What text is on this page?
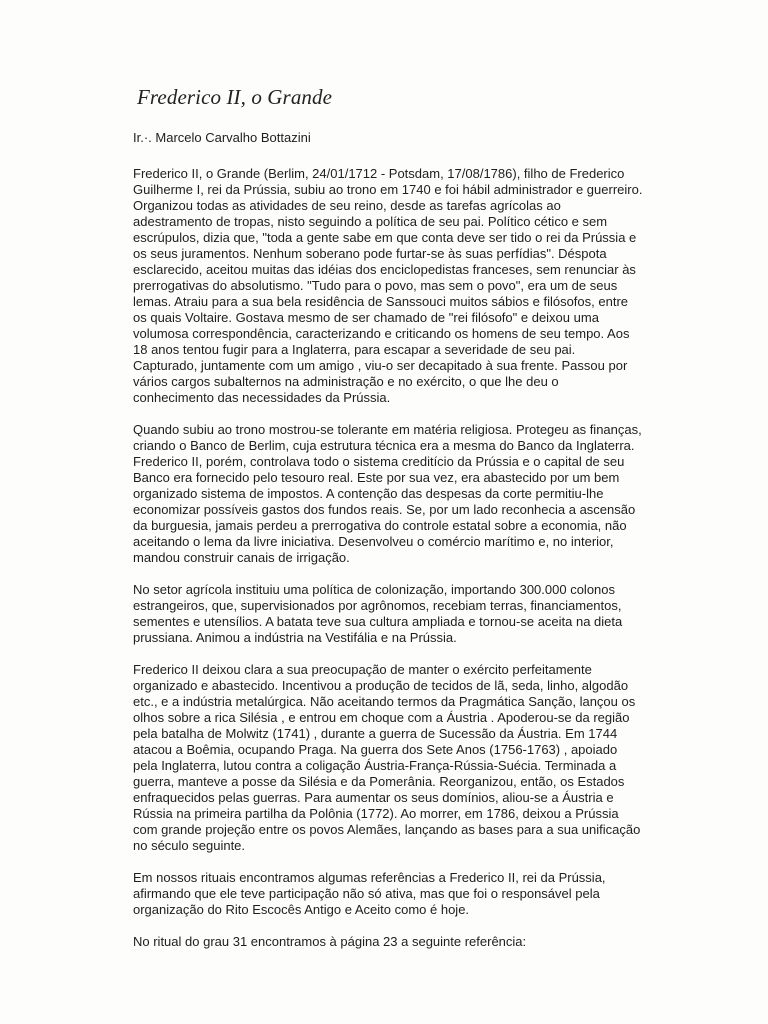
Frederico II, o Grande
Ir.·. Marcelo Carvalho Bottazini

Frederico II, o Grande (Berlim, 24/01/1712 - Potsdam, 17/08/1786), filho de Frederico Guilherme I, rei da Prússia, subiu ao trono em 1740 e foi hábil administrador e guerreiro. Organizou todas as atividades de seu reino, desde as tarefas agrícolas ao adestramento de tropas, nisto seguindo a política de seu pai. Político cético e sem escrúpulos, dizia que, "toda a gente sabe em que conta deve ser tido o rei da Prússia e os seus juramentos. Nenhum soberano pode furtar-se às suas perfídias". Déspota esclarecido, aceitou muitas das idéias dos enciclopedistas franceses, sem renunciar às prerrogativas do absolutismo. "Tudo para o povo, mas sem o povo", era um de seus lemas. Atraiu para a sua bela residência de Sanssouci muitos sábios e filósofos, entre os quais Voltaire. Gostava mesmo de ser chamado de "rei filósofo" e deixou uma volumosa correspondência, caracterizando e criticando os homens de seu tempo. Aos 18 anos tentou fugir para a Inglaterra, para escapar a severidade de seu pai. Capturado, juntamente com um amigo , viu-o ser decapitado à sua frente. Passou por vários cargos subalternos na administração e no exército, o que lhe deu o conhecimento das necessidades da Prússia.

Quando subiu ao trono mostrou-se tolerante em matéria religiosa. Protegeu as finanças, criando o Banco de Berlim, cuja estrutura técnica era a mesma do Banco da Inglaterra. Frederico II, porém, controlava todo o sistema creditício da Prússia e o capital de seu Banco era fornecido pelo tesouro real. Este por sua vez, era abastecido por um bem organizado sistema de impostos. A contenção das despesas da corte permitiu-lhe economizar possíveis gastos dos fundos reais. Se, por um lado reconhecia a ascensão da burguesia, jamais perdeu a prerrogativa do controle estatal sobre a economia, não aceitando o lema da livre iniciativa. Desenvolveu o comércio marítimo e, no interior, mandou construir canais de irrigação.

No setor agrícola instituiu uma política de colonização, importando 300.000 colonos estrangeiros, que, supervisionados por agrônomos, recebiam terras, financiamentos, sementes e utensílios. A batata teve sua cultura ampliada e tornou-se aceita na dieta prussiana. Animou a indústria na Vestifália e na Prússia.

Frederico II deixou clara a sua preocupação de manter o exército perfeitamente organizado e abastecido. Incentivou a produção de tecidos de lã, seda, linho, algodão etc., e a indústria metalúrgica. Não aceitando termos da Pragmática Sanção, lançou os olhos sobre a rica Silésia , e entrou em choque com a Áustria . Apoderou-se da região pela batalha de Molwitz (1741) , durante a guerra de Sucessão da Áustria. Em 1744 atacou a Boêmia, ocupando Praga. Na guerra dos Sete Anos (1756-1763) , apoiado pela Inglaterra, lutou contra a coligação Áustria-França-Rússia-Suécia. Terminada a guerra, manteve a posse da Silésia e da Pomerânia. Reorganizou, então, os Estados enfraquecidos pelas guerras. Para aumentar os seus domínios, aliou-se a Áustria e Rússia na primeira partilha da Polônia (1772). Ao morrer, em 1786, deixou a Prússia com grande projeção entre os povos Alemães, lançando as bases para a sua unificação no século seguinte.

Em nossos rituais encontramos algumas referências a Frederico II, rei da Prússia, afirmando que ele teve participação não só ativa, mas que foi o responsável pela organização do Rito Escocês Antigo e Aceito como é hoje.

No ritual do grau 31 encontramos à página 23 a seguinte referência:
